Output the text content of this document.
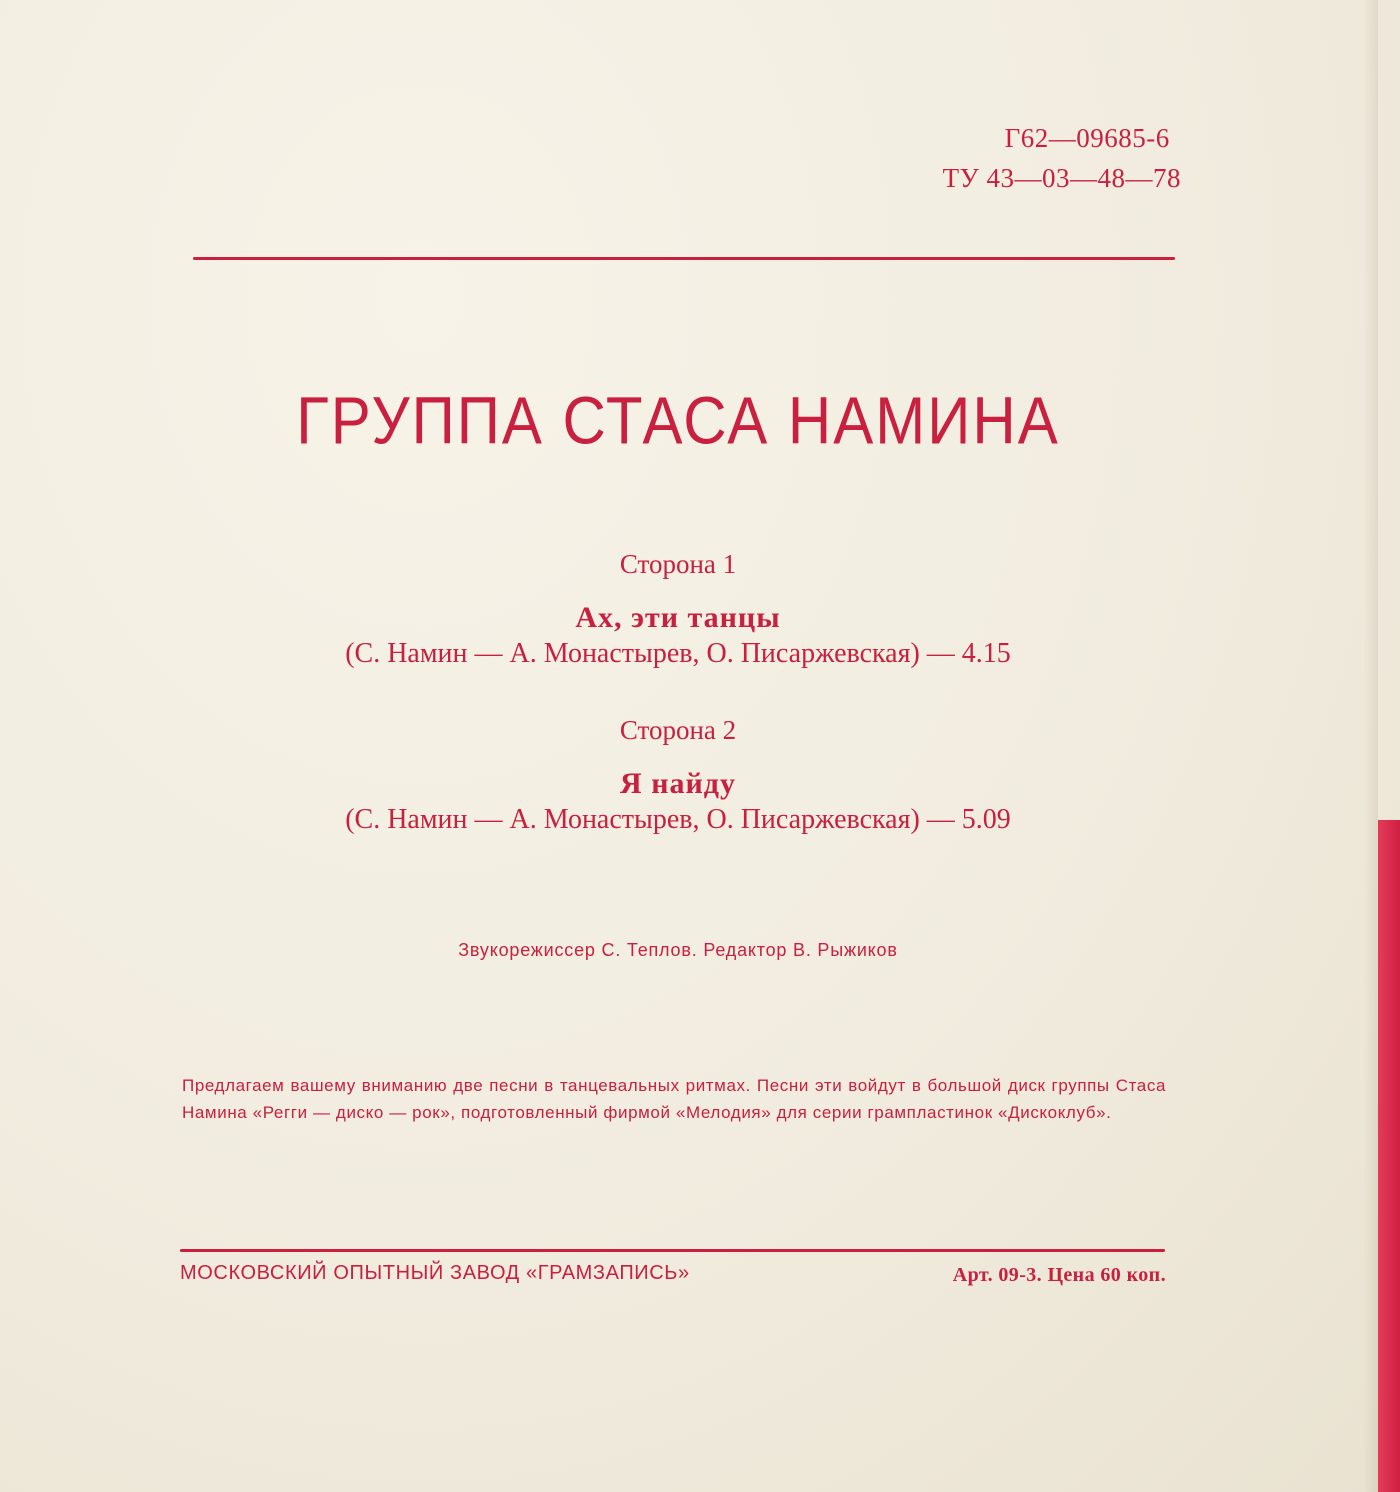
Г62—09685-6
ТУ 43—03—48—78
ГРУППА СТАСА НАМИНА
Сторона 1
Ах, эти танцы
(С. Намин — А. Монастырев, О. Писаржевская) — 4.15
Сторона 2
Я найду
(С. Намин — А. Монастырев, О. Писаржевская) — 5.09
Звукорежиссер С. Теплов. Редактор В. Рыжиков
Предлагаем вашему вниманию две песни в танцевальных ритмах. Песни эти войдут в большой диск группы Стаса Намина «Регги — диско — рок», подготовленный фирмой «Мелодия» для серии грампластинок «Дискоклуб».
МОСКОВСКИЙ ОПЫТНЫЙ ЗАВОД «ГРАМЗАПИСЬ»	Арт. 09-3. Цена 60 коп.
